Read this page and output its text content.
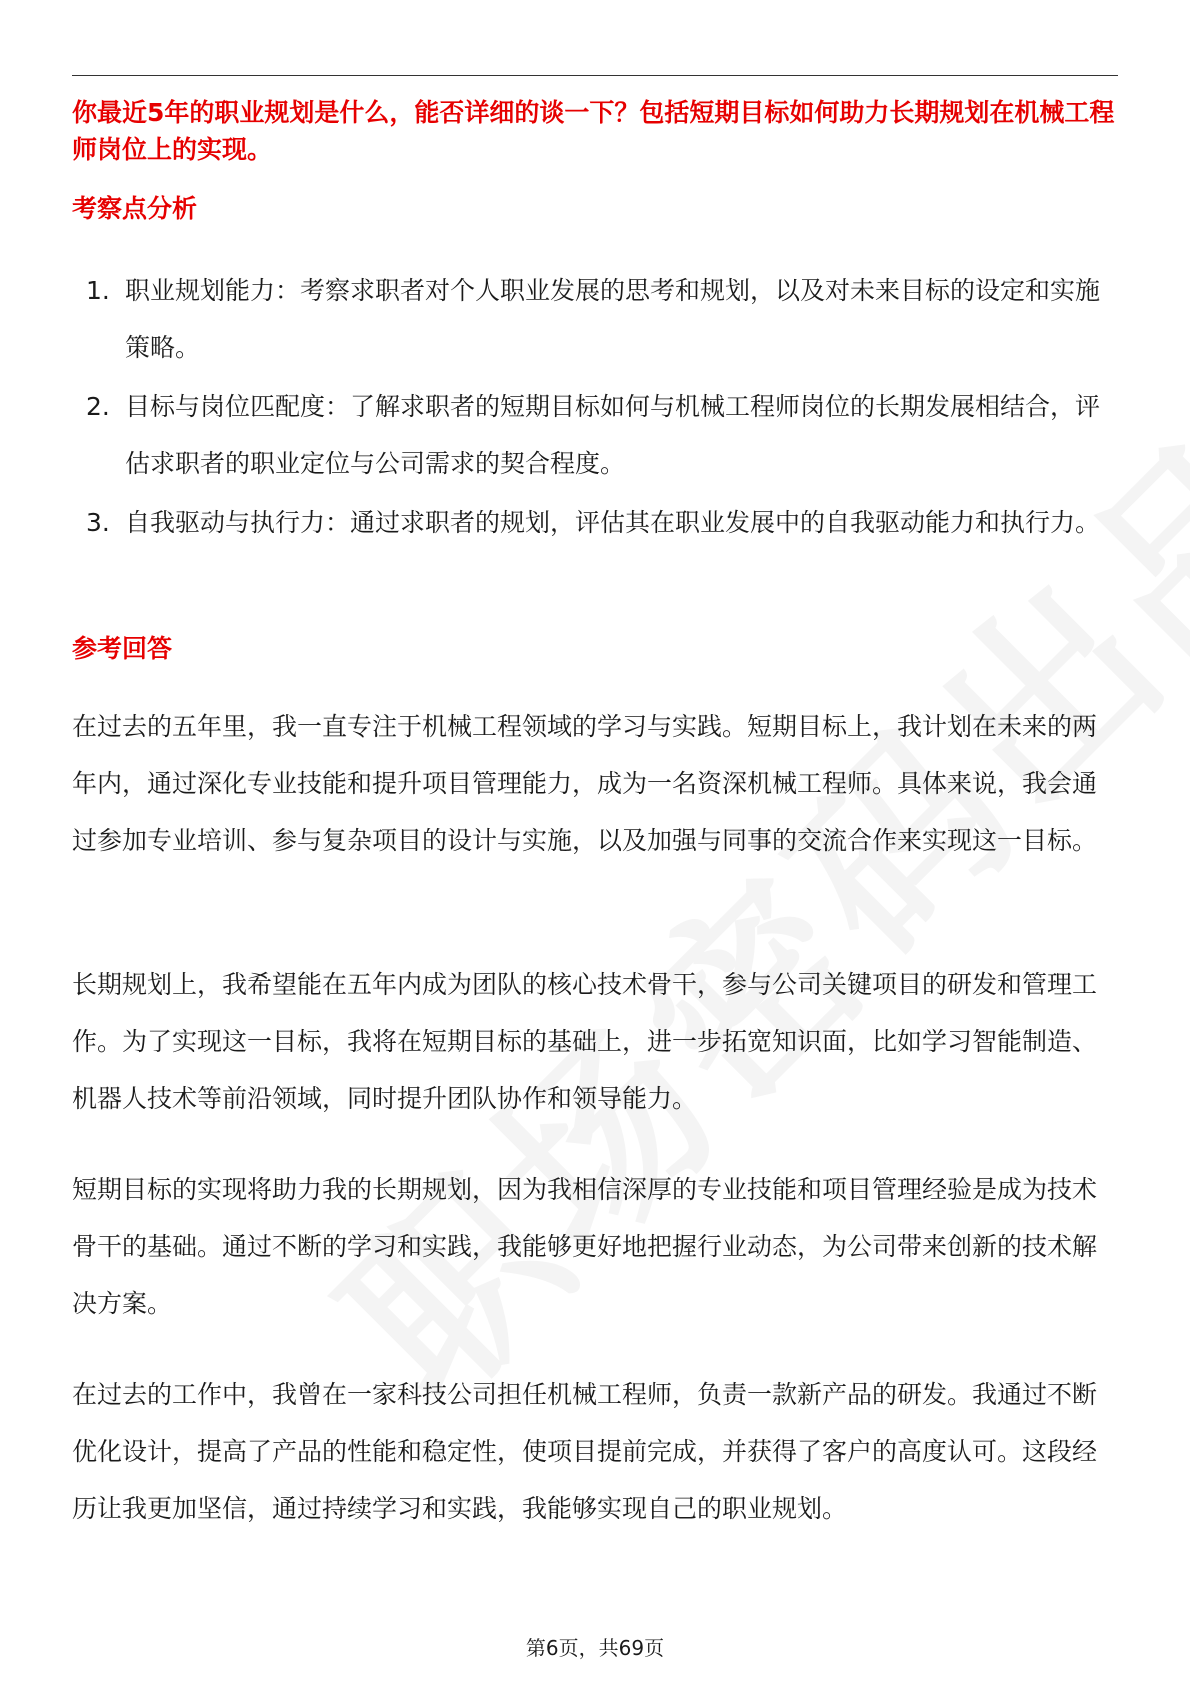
你最近5年的职业规划是什么，能否详细的谈一下？包括短期目标如何助力长期规划在机械工程师岗位上的实现。
考察点分析
1. 职业规划能力：考察求职者对个人职业发展的思考和规划，以及对未来目标的设定和实施策略。
2. 目标与岗位匹配度：了解求职者的短期目标如何与机械工程师岗位的长期发展相结合，评估求职者的职业定位与公司需求的契合程度。
3. 自我驱动与执行力：通过求职者的规划，评估其在职业发展中的自我驱动能力和执行力。
参考回答

在过去的五年里，我一直专注于机械工程领域的学习与实践。短期目标上，我计划在未来的两年内，通过深化专业技能和提升项目管理能力，成为一名资深机械工程师。具体来说，我会通过参加专业培训、参与复杂项目的设计与实施，以及加强与同事的交流合作来实现这一目标。

长期规划上，我希望能在五年内成为团队的核心技术骨干，参与公司关键项目的研发和管理工作。为了实现这一目标，我将在短期目标的基础上，进一步拓宽知识面，比如学习智能制造、机器人技术等前沿领域，同时提升团队协作和领导能力。

短期目标的实现将助力我的长期规划，因为我相信深厚的专业技能和项目管理经验是成为技术骨干的基础。通过不断的学习和实践，我能够更好地把握行业动态，为公司带来创新的技术解决方案。

在过去的工作中，我曾在一家科技公司担任机械工程师，负责一款新产品的研发。我通过不断优化设计，提高了产品的性能和稳定性，使项目提前完成，并获得了客户的高度认可。这段经历让我更加坚信，通过持续学习和实践，我能够实现自己的职业规划。

第6页，共69页
